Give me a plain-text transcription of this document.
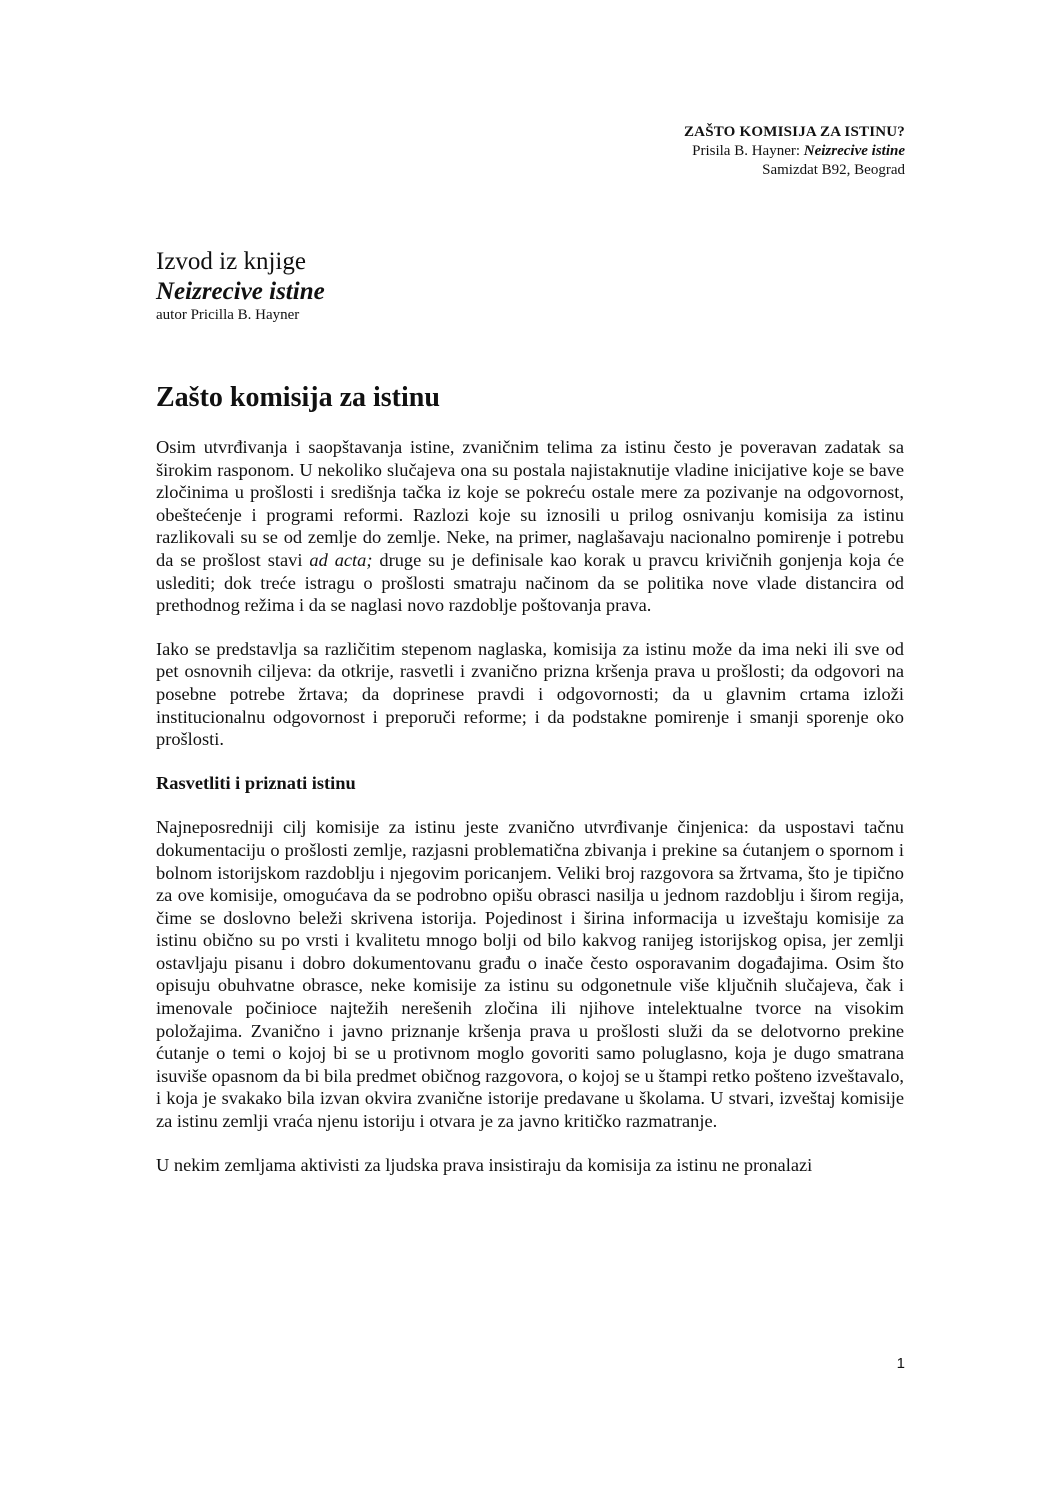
ZAŠTO KOMISIJA ZA ISTINU?
Prisila B. Hayner: Neizrecive istine
Samizdat B92, Beograd
Izvod iz knjige
Neizrecive istine
autor Pricilla B. Hayner
Zašto komisija za istinu

Osim utvrđivanja i saopštavanja istine, zvaničnim telima za istinu često je poveravan zadatak sa širokim rasponom. U nekoliko slučajeva ona su postala najistaknutije vladine inicijative koje se bave zločinima u prošlosti i središnja tačka iz koje se pokreću ostale mere za pozivanje na odgovornost, obeštećenje i programi reformi. Razlozi koje su iznosili u prilog osnivanju komisija za istinu razlikovali su se od zemlje do zemlje. Neke, na primer, naglašavaju nacionalno pomirenje i potrebu da se prošlost stavi ad acta; druge su je definisale kao korak u pravcu krivičnih gonjenja koja će uslediti; dok treće istragu o prošlosti smatraju načinom da se politika nove vlade distancira od prethodnog režima i da se naglasi novo razdoblje poštovanja prava.

Iako se predstavlja sa različitim stepenom naglaska, komisija za istinu može da ima neki ili sve od pet osnovnih ciljeva: da otkrije, rasvetli i zvanično prizna kršenja prava u prošlosti; da odgovori na posebne potrebe žrtava; da doprinese pravdi i odgovornosti; da u glavnim crtama izloži institucionalnu odgovornost i preporuči reforme; i da podstakne pomirenje i smanji sporenje oko prošlosti.

Rasvetliti i priznati istinu

Najneposredniji cilj komisije za istinu jeste zvanično utvrđivanje činjenica: da uspostavi tačnu dokumentaciju o prošlosti zemlje, razjasni problematična zbivanja i prekine sa ćutanjem o spornom i bolnom istorijskom razdoblju i njegovim poricanjem. Veliki broj razgovora sa žrtvama, što je tipično za ove komisije, omogućava da se podrobno opišu obrasci nasilja u jednom razdoblju i širom regija, čime se doslovno beleži skrivena istorija. Pojedinost i širina informacija u izveštaju komisije za istinu obično su po vrsti i kvalitetu mnogo bolji od bilo kakvog ranijeg istorijskog opisa, jer zemlji ostavljaju pisanu i dobro dokumentovanu građu o inače često osporavanim događajima. Osim što opisuju obuhvatne obrasce, neke komisije za istinu su odgonetnule više ključnih slučajeva, čak i imenovale počinioce najtežih nerešenih zločina ili njihove intelektualne tvorce na visokim položajima. Zvanično i javno priznanje kršenja prava u prošlosti služi da se delotvorno prekine ćutanje o temi o kojoj bi se u protivnom moglo govoriti samo poluglasno, koja je dugo smatrana isuviše opasnom da bi bila predmet običnog razgovora, o kojoj se u štampi retko pošteno izveštavalo, i koja je svakako bila izvan okvira zvanične istorije predavane u školama. U stvari, izveštaj komisije za istinu zemlji vraća njenu istoriju i otvara je za javno kritičko razmatranje.

U nekim zemljama aktivisti za ljudska prava insistiraju da komisija za istinu ne pronalazi

1
